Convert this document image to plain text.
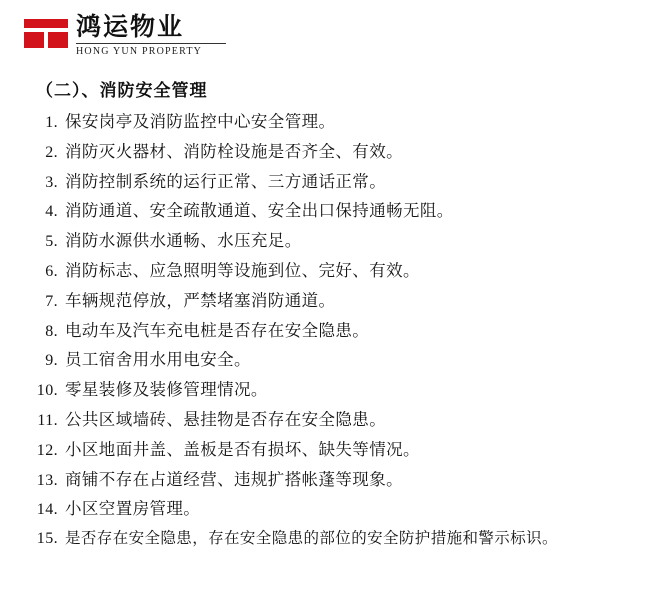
鸿运物业
HONG YUN PROPERTY
（二）、消防安全管理
1. 保安岗亭及消防监控中心安全管理。
2. 消防灭火器材、消防栓设施是否齐全、有效。
3. 消防控制系统的运行正常、三方通话正常。
4. 消防通道、安全疏散通道、安全出口保持通畅无阻。
5. 消防水源供水通畅、水压充足。
6. 消防标志、应急照明等设施到位、完好、有效。
7. 车辆规范停放，严禁堵塞消防通道。
8. 电动车及汽车充电桩是否存在安全隐患。
9. 员工宿舍用水用电安全。
10. 零星装修及装修管理情况。
11. 公共区域墙砖、悬挂物是否存在安全隐患。
12. 小区地面井盖、盖板是否有损坏、缺失等情况。
13. 商铺不存在占道经营、违规扩搭帐蓬等现象。
14. 小区空置房管理。
15. 是否存在安全隐患，存在安全隐患的部位的安全防护措施和警示标识。
